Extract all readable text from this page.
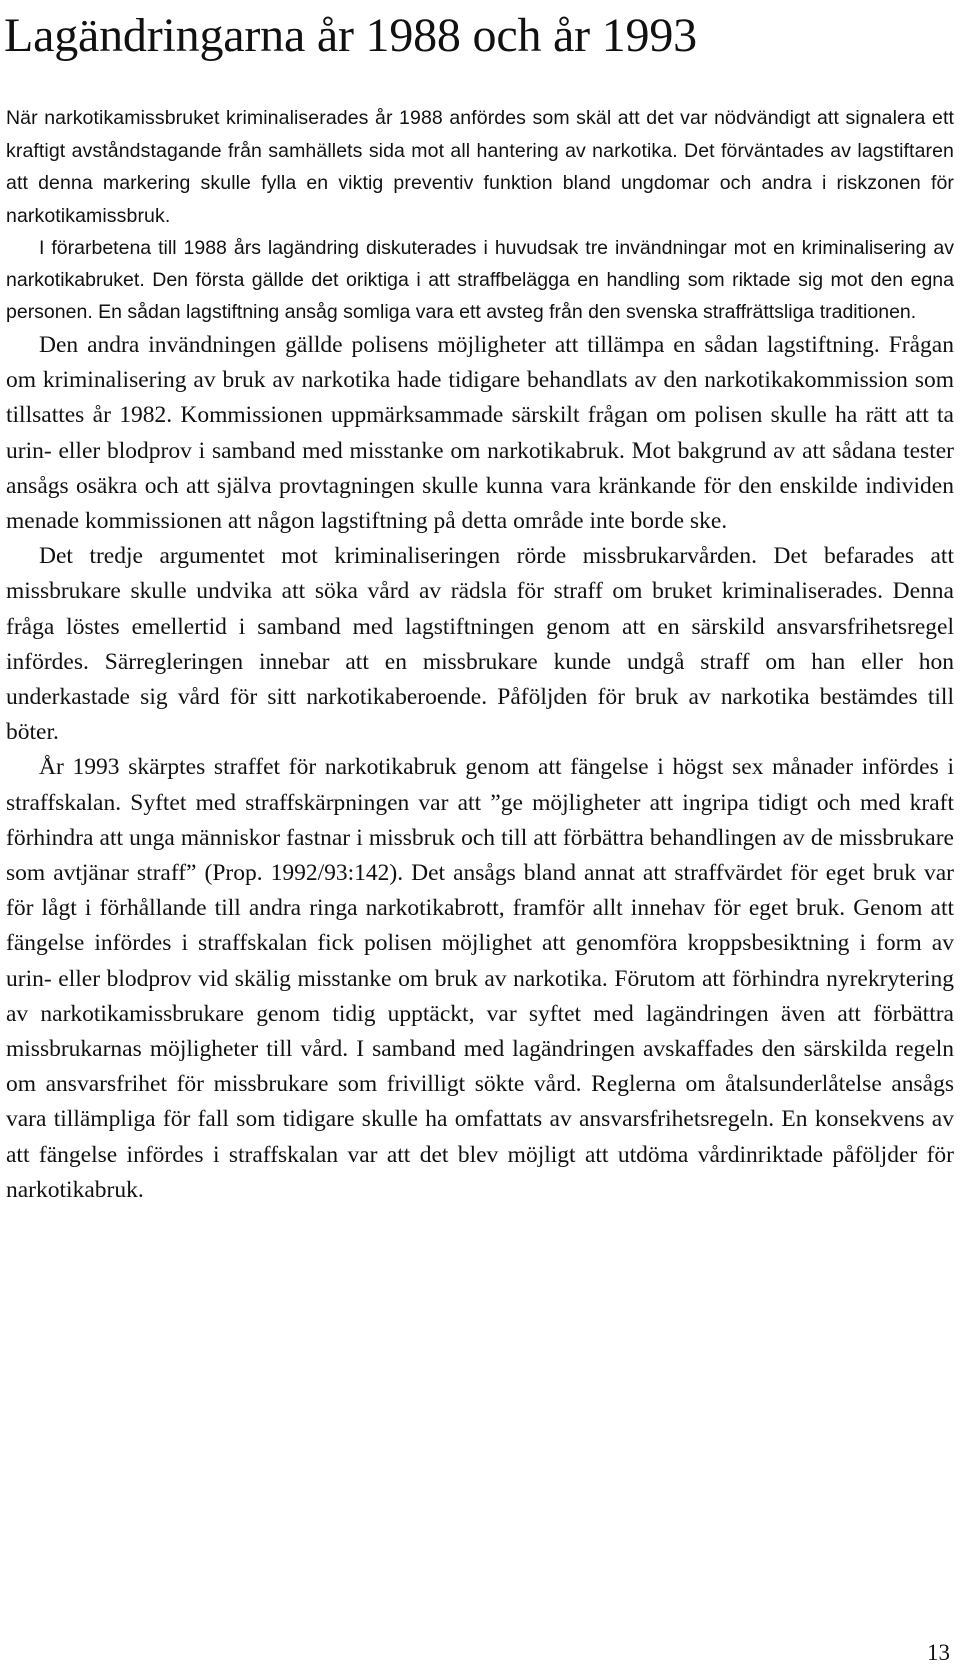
Lagändringarna år 1988 och år 1993

När narkotikamissbruket kriminaliserades år 1988 anfördes som skäl att det var nödvändigt att signalera ett kraftigt avståndstagande från samhällets sida mot all hantering av narkotika. Det förväntades av lagstiftaren att denna markering skulle fylla en viktig preventiv funktion bland ungdomar och andra i riskzonen för narkotikamissbruk.

I förarbetena till 1988 års lagändring diskuterades i huvudsak tre invändningar mot en kriminalisering av narkotikabruket. Den första gällde det oriktiga i att straffbelägga en handling som riktade sig mot den egna personen. En sådan lagstiftning ansåg somliga vara ett avsteg från den svenska straffrättsliga traditionen.

Den andra invändningen gällde polisens möjligheter att tillämpa en sådan lagstiftning. Frågan om kriminalisering av bruk av narkotika hade tidigare behandlats av den narkotikakommission som tillsattes år 1982. Kommissionen uppmärksammade särskilt frågan om polisen skulle ha rätt att ta urin- eller blodprov i samband med misstanke om narkotikabruk. Mot bakgrund av att sådana tester ansågs osäkra och att själva provtagningen skulle kunna vara kränkande för den enskilde individen menade kommissionen att någon lagstiftning på detta område inte borde ske.

Det tredje argumentet mot kriminaliseringen rörde missbrukarvården. Det befarades att missbrukare skulle undvika att söka vård av rädsla för straff om bruket kriminaliserades. Denna fråga löstes emellertid i samband med lagstiftningen genom att en särskild ansvarsfrihetsregel infördes. Särregleringen innebar att en missbrukare kunde undgå straff om han eller hon underkastade sig vård för sitt narkotikaberoende. Påföljden för bruk av narkotika bestämdes till böter.

År 1993 skärptes straffet för narkotikabruk genom att fängelse i högst sex månader infördes i straffskalan. Syftet med straffskärpningen var att ”ge möjligheter att ingripa tidigt och med kraft förhindra att unga människor fastnar i missbruk och till att förbättra behandlingen av de missbrukare som avtjänar straff” (Prop. 1992/93:142). Det ansågs bland annat att straffvärdet för eget bruk var för lågt i förhållande till andra ringa narkotikabrott, framför allt innehav för eget bruk. Genom att fängelse infördes i straffskalan fick polisen möjlighet att genomföra kroppsbesiktning i form av urin- eller blodprov vid skälig misstanke om bruk av narkotika. Förutom att förhindra nyrekrytering av narkotikamissbrukare genom tidig upptäckt, var syftet med lagändringen även att förbättra missbrukarnas möjligheter till vård. I samband med lagändringen avskaffades den särskilda regeln om ansvarsfrihet för missbrukare som frivilligt sökte vård. Reglerna om åtalsunderlåtelse ansågs vara tillämpliga för fall som tidigare skulle ha omfattats av ansvarsfrihetsregeln. En konsekvens av att fängelse infördes i straffskalan var att det blev möjligt att utdöma vårdinriktade påföljder för narkotikabruk.

13
